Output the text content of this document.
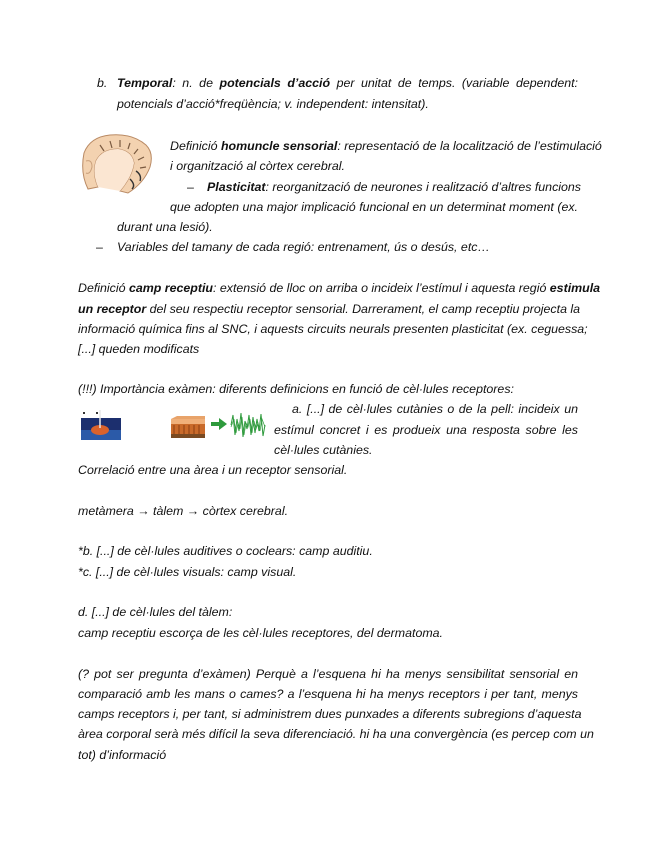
b. Temporal: n. de potencials d’acció per unitat de temps. (variable dependent:
potencials d’acció*freqüència; v. independent: intensitat).
Definició homuncle sensorial: representació de la localització de l’estimulació
i organització al còrtex cerebral.
– Plasticitat: reorganització de neurones i realització d’altres funcions
que adopten una major implicació funcional en un determinat moment (ex.
durant una lesió).
– Variables del tamany de cada regió: entrenament, ús o desús, etc…
Definició camp receptiu: extensió de lloc on arriba o incideix l’estímul i aquesta regió estimula
un receptor del seu respectiu receptor sensorial. Darrerament, el camp receptiu projecta la
informació química fins al SNC, i aquests circuits neurals presenten plasticitat (ex. ceguessa;
[...] queden modificats
(!!!) Importància exàmen: diferents definicions en funció de cèl·lules receptores:
a. [...] de cèl·lules cutànies o de la pell: incideix un
estímul concret i es produeix una resposta sobre les
cèl·lules cutànies.
Correlació entre una àrea i un receptor sensorial.
metàmera → tàlem → còrtex cerebral.
*b. [...] de cèl·lules auditives o coclears: camp auditiu.
*c. [...] de cèl·lules visuals: camp visual.
d. [...] de cèl·lules del tàlem:
camp receptiu escorça de les cèl·lules receptores, del dermatoma.
(? pot ser pregunta d’exàmen) Perquè a l’esquena hi ha menys sensibilitat sensorial en
comparació amb les mans o cames? a l’esquena hi ha menys receptors i per tant, menys
camps receptors i, per tant, si administrem dues punxades a diferents subregions d’aquesta
àrea corporal serà més difícil la seva diferenciació. hi ha una convergència (es percep com un
tot) d’informació
